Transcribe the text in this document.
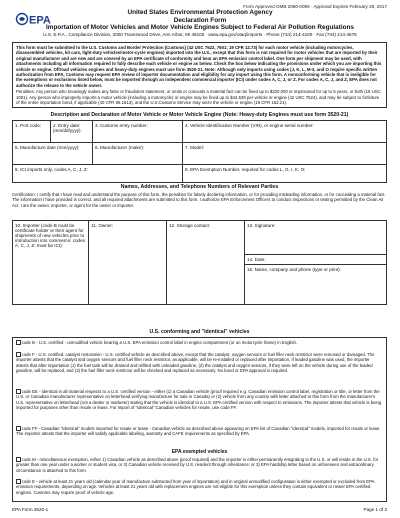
Form Approved OMB 2060-0095 · Approval Expires February 28, 2017
EPA
United States Environmental Protection Agency
Declaration Form
Importation of Motor Vehicles and Motor Vehicle Engines Subject to Federal Air Pollution Regulations
U.S. E.P.A., Compliance Division, 2000 Traverwood Drive, Ann Arbor, MI 48105 · www.epa.gov/otaq/imports · Phone (734) 214-4100 · Fax (734) 214-4676
This form must be submitted to the U.S. Customs and Border Protection (Customs) (42 USC 7522, 7601; 19 CFR 12.73) for each motor vehicle (including motorcycles, disassembled vehicles, kit cars, light-duty vehicles/motor-cycle engines) imported into the U.S., except that this form is not required for motor vehicles that are imported by their original manufacturer and are new and are covered by an EPA certificate of conformity and bear an EPA emission control label. One form per shipment may be used, with attachments including all information required to fully describe each vehicle or engine as below. Check the box below indicating the provisions under which you are importing this vehicle or engine. Offroad vehicles engines and heavy-duty engines must use form 3520-21. Note: Although only imports using codes (J, K, L, M-3, and O require specific written authorization from EPA, Customs may request EPA review of importer documentation and eligibility for any import using this form. A nonconforming vehicle that is ineligible for the exemptions or exclusions listed below, must be imported through an independent commercial importer (ICI) under codes A, C, J, or Z. For codes A, C, J, and Z, EPA does not authorize the release to the vehicle owner.
Penalties: Any person who knowingly makes any false or fraudulent statement, or omits or conceals a material fact can be fined up to $320,000 or imprisoned for up to 5 years, or both (18 USC 1001). Any person who improperly imports a motor vehicle (including a motorcycle) or engine may be fined up to $44,539 per vehicle or engine (42 USC 7524), and may be subject to forfeiture of the entire importation bond, if applicable (40 CFR 85.1513), and the U.S.Customs Service may seize the vehicle or engine (19 CFR 162.21).
Description and Declaration of Motor Vehicle or Motor Vehicle Engine (Note: Heavy-duty Engines must use form 3520-21)
1. Port code:	2. Entry date: (mm/dd/yyyy)	3. Customs entry number:	4. Vehicle Identification Number (VIN), or engine serial number:
5. Manufacture date (mm/yyyy):		6. Manufacturer (make):	7. Model:
8. ICI imports only, codes A, C, J, Z:			9. EPA Exemption Number, required for codes L, G, I, K, O:
Names, Addresses, and Telephone Numbers of Relevant Parties
Certification: I certify that I have read and understand the purpose of this form, the penalties for falsely declaring information, or for providing misleading information, or for concealing a material fact. The information I have provided is correct, and all required attachments are submitted to this form. I authorize EPA Enforcement Officers to conduct inspections or testing permitted by the Clean Air Act. I am the owner, importer, or agent for the owner or importer.
10. Importer (code B must be certificate holder or their agent for shipments of new vehicles prior to introduction into commerce; codes A, C, J, Z: must be ICI):	11. Owner:	12. Storage contact:	13. Signature:
14. Date:
15. Name, company and phone (type or print):
U.S. conforming and "identical" vehicles
code B - U.S. certified - unmodified vehicle bearing a U.S. EPA emission control label in engine compartment (or on motorcycle frame) in English.
code F - U.S. certified, catalyst restoration - U.S. certified vehicle as described above, except that the catalyst, oxygen sensors or fuel filler neck restrictor were removed or damaged. The importer attests that the catalyst and oxygen sensors and fuel filler neck restrictor, as applicable, will be re-installed or replaced after importation. If leaded gasoline was used, the importer attests that after importation (1) the fuel tank will be drained and refilled with unleaded gasoline, (2) the catalyst and oxygen sensors, if they were left on the vehicle during use of the leaded gasoline, will be replaced, and (3) the fuel filler neck restrictor will be checked and replaced as necessary. No bond or EPA approval is required.
code EE - identical in all material respects to a U.S. certified version - either (1) a Canadian vehicle (proof required e.g. Canadian emission control label, registration or title, or letter from the U.S. or Canadian manufacturer representative on letterhead verifying manufacture for sale in Canada) or (2) vehicle from any country with letter attached to this form from the manufacturer's U.S. representative on letterhead (not a dealer or marketer) stating that the vehicle is identical to a U.S. EPA certified version with respect to emissions. The importer attests that vehicle is being imported for purposes other than resale or lease. For import of "identical" Canadian vehicles for resale, use code FF.
code FF - Canadian "identical" models imported for resale or lease - Canadian vehicle as described above appearing on EPA list of Canadian "identical" models, imported for resale or lease. The importer attests that the importer will satisfy applicable labeling, warranty and CAFE requirements as specified by EPA.
EPA exempted vehicles
code M - miscellaneous exemption, either 1) Canadian vehicle as described above (proof required) and the importer is either permanently emigrating to the U.S. or will reside in the U.S. for greater than one year under a worker or student visa, or 2) Canadian vehicle received by U.S. resident through inheritance; or 3) EPA hardship letter based on unforeseen and extraordinary circumstance is attached to this form.
code E - vehicle at least 21 years old (calendar year of manufacture subtracted from year of importation) and in original unmodified configuration is either exempted or excluded from EPA emission requirements, depending on age. Vehicles at least 21 years old with replacement engines are not eligible for this exemption unless they contain equivalent or newer EPA certified engines. Customs may require proof of vehicle age.
EPA Form 3520-1	Page 1 of 2
